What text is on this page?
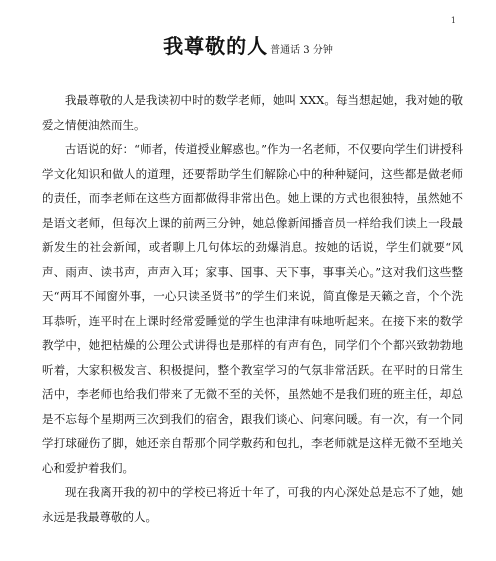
1
我尊敬的人 普通话 3 分钟

我最尊敬的人是我读初中时的数学老师，她叫 XXX。每当想起她，我对她的敬爱之情便油然而生。

古语说的好：“师者，传道授业解惑也。”作为一名老师，不仅要向学生们讲授科学文化知识和做人的道理，还要帮助学生们解除心中的种种疑问，这些都是做老师的责任，而李老师在这些方面都做得非常出色。她上课的方式也很独特，虽然她不是语文老师，但每次上课的前两三分钟，她总像新闻播音员一样给我们读上一段最新发生的社会新闻，或者聊上几句体坛的劲爆消息。按她的话说，学生们就要“风声、雨声、读书声，声声入耳；家事、国事、天下事，事事关心。”这对我们这些整天“两耳不闻窗外事，一心只读圣贤书”的学生们来说，简直像是天籁之音，个个洗耳恭听，连平时在上课时经常爱睡觉的学生也津津有味地听起来。在接下来的数学教学中，她把枯燥的公理公式讲得也是那样的有声有色，同学们个个都兴致勃勃地听着，大家积极发言、积极提问，整个教室学习的气氛非常活跃。在平时的日常生活中，李老师也给我们带来了无微不至的关怀，虽然她不是我们班的班主任，却总是不忘每个星期两三次到我们的宿舍，跟我们谈心、问寒问暖。有一次，有一个同学打球碰伤了脚，她还亲自帮那个同学敷药和包扎，李老师就是这样无微不至地关心和爱护着我们。

现在我离开我的初中的学校已将近十年了，可我的内心深处总是忘不了她，她永远是我最尊敬的人。
